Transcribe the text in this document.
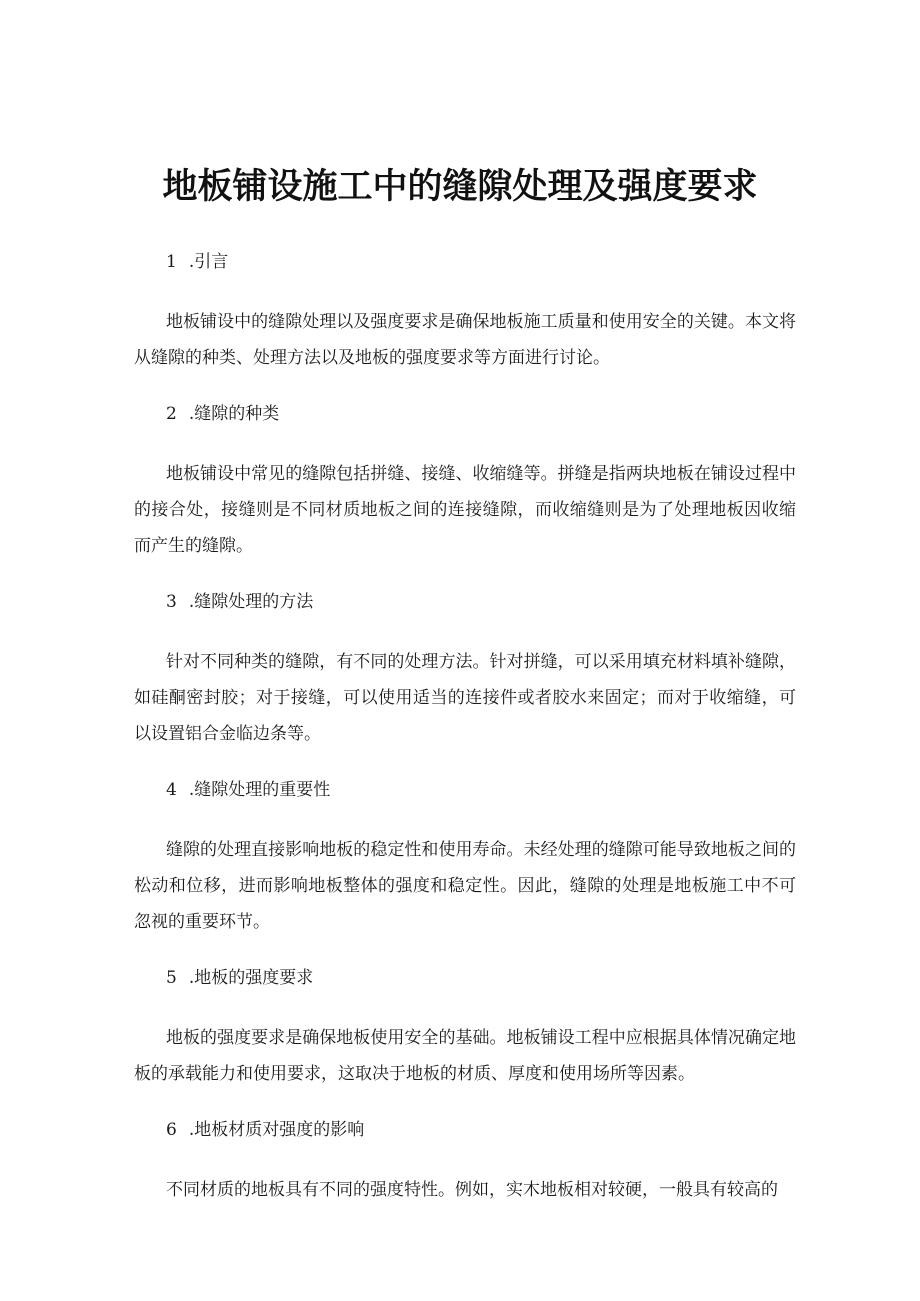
地板铺设施工中的缝隙处理及强度要求
1 .引言

地板铺设中的缝隙处理以及强度要求是确保地板施工质量和使用安全的关键。本文将从缝隙的种类、处理方法以及地板的强度要求等方面进行讨论。

2 .缝隙的种类

地板铺设中常见的缝隙包括拼缝、接缝、收缩缝等。拼缝是指两块地板在铺设过程中的接合处，接缝则是不同材质地板之间的连接缝隙，而收缩缝则是为了处理地板因收缩而产生的缝隙。

3 .缝隙处理的方法

针对不同种类的缝隙，有不同的处理方法。针对拼缝，可以采用填充材料填补缝隙，如硅酮密封胶；对于接缝，可以使用适当的连接件或者胶水来固定；而对于收缩缝，可以设置铝合金临边条等。

4 .缝隙处理的重要性

缝隙的处理直接影响地板的稳定性和使用寿命。未经处理的缝隙可能导致地板之间的松动和位移，进而影响地板整体的强度和稳定性。因此，缝隙的处理是地板施工中不可忽视的重要环节。

5 .地板的强度要求

地板的强度要求是确保地板使用安全的基础。地板铺设工程中应根据具体情况确定地板的承载能力和使用要求，这取决于地板的材质、厚度和使用场所等因素。

6 .地板材质对强度的影响

不同材质的地板具有不同的强度特性。例如，实木地板相对较硬，一般具有较高的
